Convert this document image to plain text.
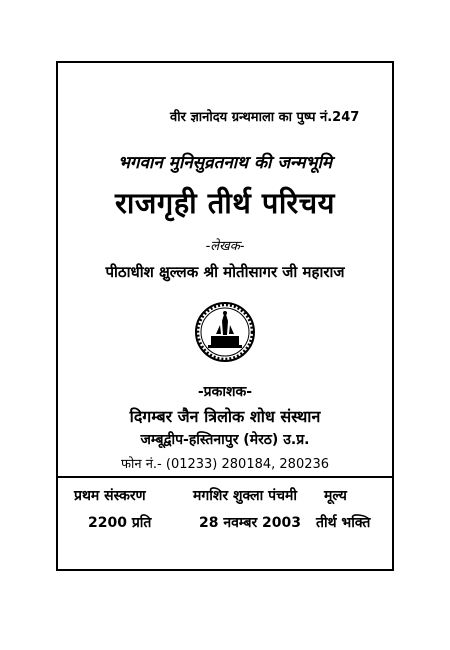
वीर ज्ञानोदय ग्रन्थमाला का पुष्प नं.247
भगवान मुनिसुव्रतनाथ की जन्मभूमि
राजगृही तीर्थ परिचय
-लेखक-
पीठाधीश क्षुल्लक श्री मोतीसागर जी महाराज
-प्रकाशक-
दिगम्बर जैन त्रिलोक शोध संस्थान
जम्बूद्वीप-हस्तिनापुर (मेरठ) उ.प्र.
फोन नं.- (01233) 280184, 280236
प्रथम संस्करण	मगशिर शुक्ला पंचमी मूल्य
2200 प्रति	28 नवम्बर 2003 तीर्थ भक्ति
